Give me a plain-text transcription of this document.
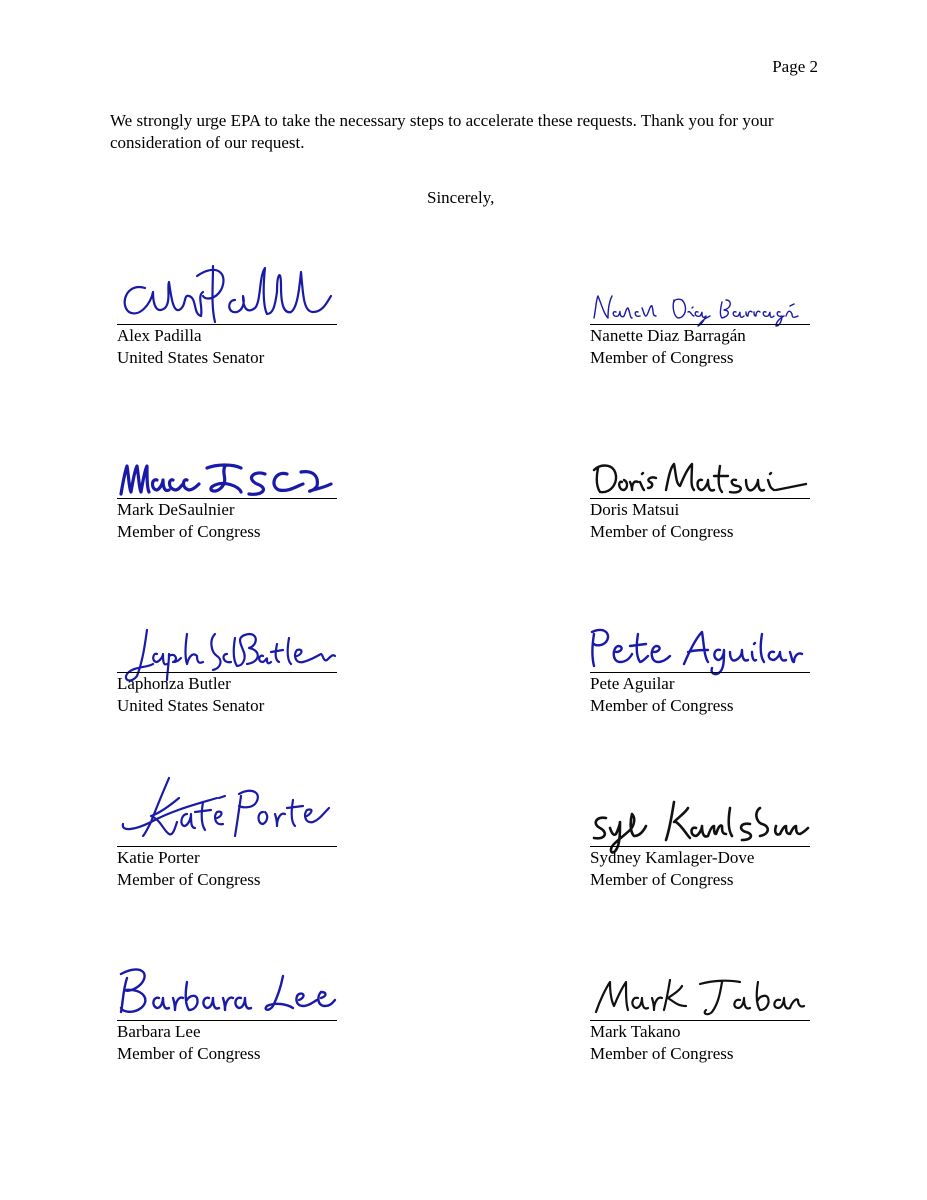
Page 2
We strongly urge EPA to take the necessary steps to accelerate these requests. Thank you for your consideration of our request.
Sincerely,
Alex Padilla
United States Senator
Nanette Diaz Barragán
Member of Congress
Mark DeSaulnier
Member of Congress
Doris Matsui
Member of Congress
Laphonza Butler
United States Senator
Pete Aguilar
Member of Congress
Katie Porter
Member of Congress
Sydney Kamlager-Dove
Member of Congress
Barbara Lee
Member of Congress
Mark Takano
Member of Congress
